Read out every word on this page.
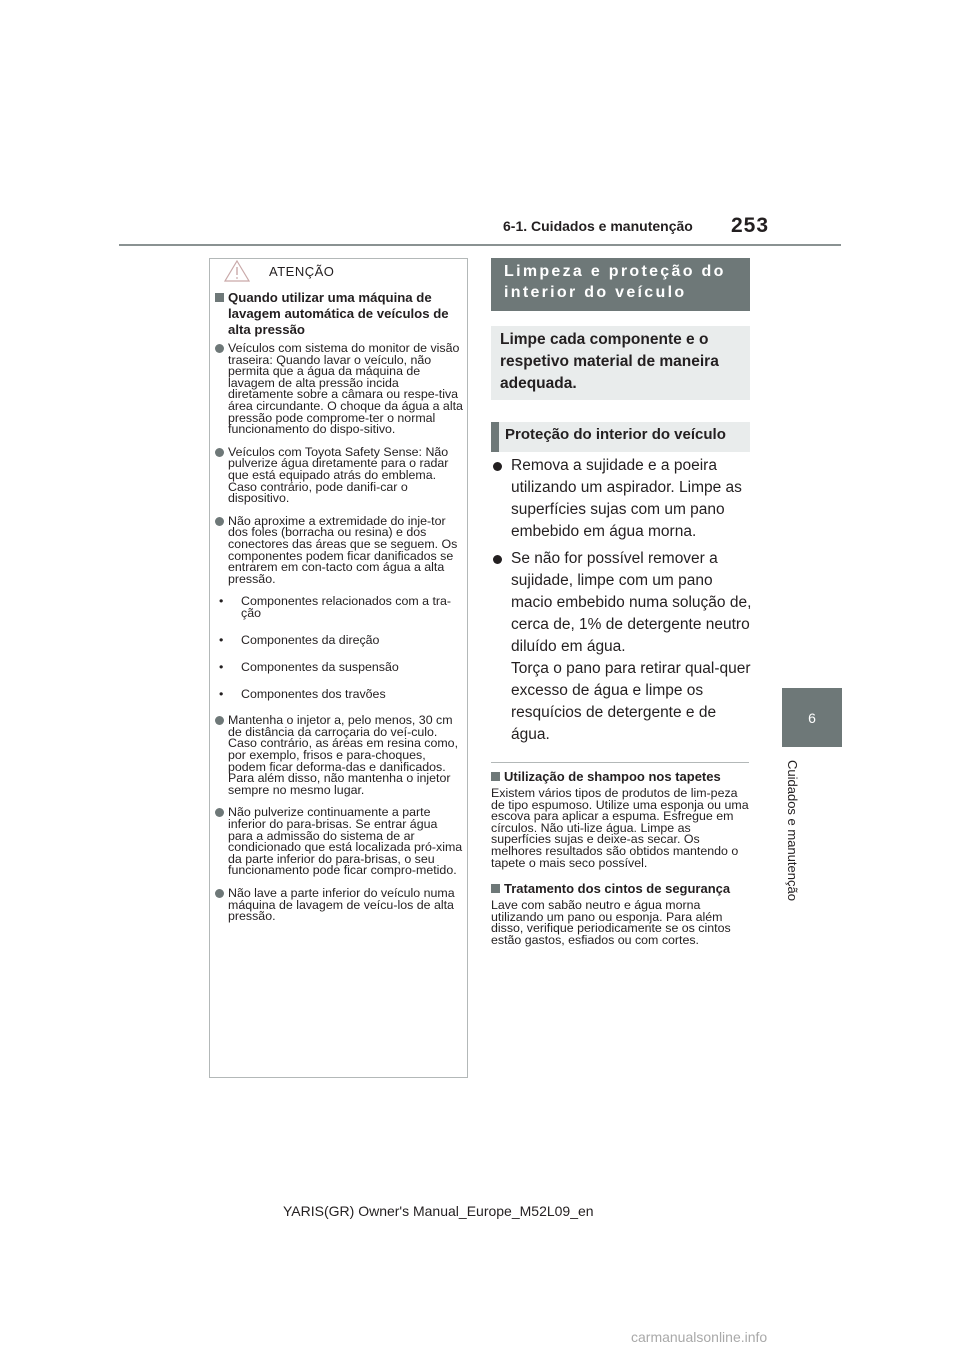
6-1. Cuidados e manutenção 253
6
Cuidados e manutenção
ATENÇÃO
Quando utilizar uma máquina de lavagem automática de veículos de alta pressão
Veículos com sistema do monitor de visão traseira: Quando lavar o veículo, não permita que a água da máquina de lavagem de alta pressão incida diretamente sobre a câmara ou respe-tiva área circundante. O choque da água a alta pressão pode comprome-ter o normal funcionamento do dispo-sitivo.
Veículos com Toyota Safety Sense: Não pulverize água diretamente para o radar que está equipado atrás do emblema. Caso contrário, pode danifi-car o dispositivo.
Não aproxime a extremidade do inje-tor dos foles (borracha ou resina) e dos conectores das áreas que se seguem. Os componentes podem ficar danificados se entrarem em con-tacto com água a alta pressão.
•	Componentes relacionados com a tra-ção
•	Componentes da direção
•	Componentes da suspensão
•	Componentes dos travões
Mantenha o injetor a, pelo menos, 30 cm de distância da carroçaria do veí-culo. Caso contrário, as áreas em resina como, por exemplo, frisos e para-choques, podem ficar deforma-das e danificados. Para além disso, não mantenha o injetor sempre no mesmo lugar.
Não pulverize continuamente a parte inferior do para-brisas. Se entrar água para a admissão do sistema de ar condicionado que está localizada pró-xima da parte inferior do para-brisas, o seu funcionamento pode ficar compro-metido.
Não lave a parte inferior do veículo numa máquina de lavagem de veícu-los de alta pressão.
Limpeza e proteção do interior do veículo
Limpe cada componente e o respetivo material de maneira adequada.
Proteção do interior do veículo
Remova a sujidade e a poeira utilizando um aspirador. Limpe as superfícies sujas com um pano embebido em água morna.
Se não for possível remover a sujidade, limpe com um pano macio embebido numa solução de, cerca de, 1% de detergente neutro diluído em água.
Torça o pano para retirar qual-quer excesso de água e limpe os resquícios de detergente e de água.
Utilização de shampoo nos tapetes

Existem vários tipos de produtos de lim-peza de tipo espumoso. Utilize uma esponja ou uma escova para aplicar a espuma. Esfregue em círculos. Não uti-lize água. Limpe as superfícies sujas e deixe-as secar. Os melhores resultados são obtidos mantendo o tapete o mais seco possível.

Tratamento dos cintos de segurança

Lave com sabão neutro e água morna utilizando um pano ou esponja. Para além disso, verifique periodicamente se os cintos estão gastos, esfiados ou com cortes.

YARIS(GR) Owner's Manual_Europe_M52L09_en
carmanualsonline.info
